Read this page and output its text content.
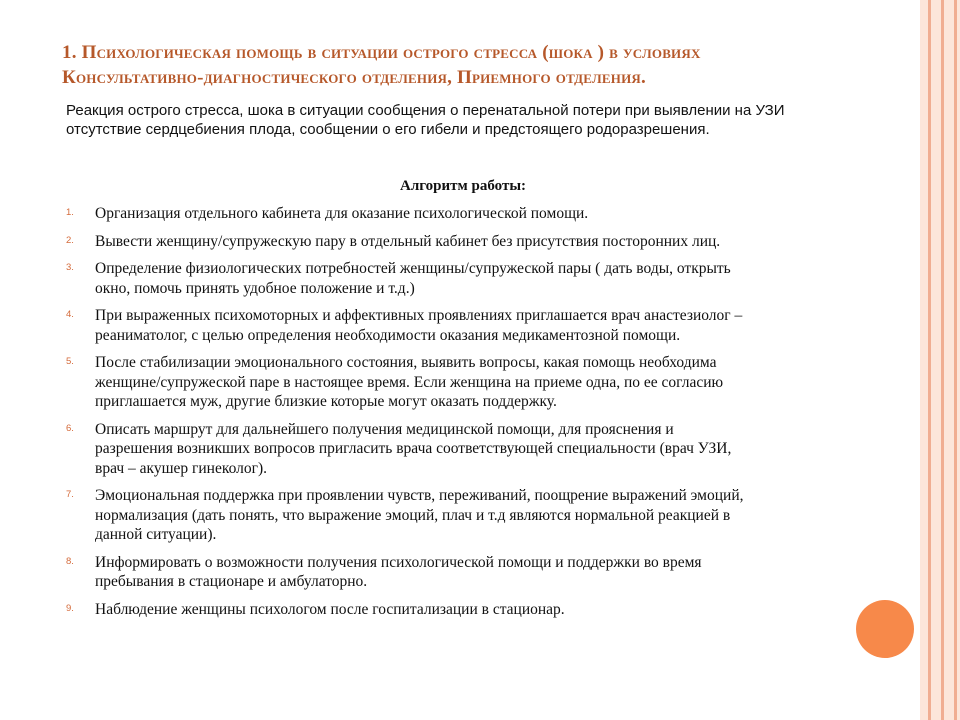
1. Психологическая помощь в ситуации острого стресса (шока ) в условиях
Консультативно-диагностического отделения, Приемного отделения.
Реакция острого стресса, шока в ситуации сообщения о перенатальной потери при выявлении на УЗИ
отсутствие сердцебиения плода, сообщении о его гибели и предстоящего родоразрешения.
Алгоритм работы:
1. Организация отдельного кабинета для оказание психологической помощи.
2. Вывести женщину/супружескую пару в отдельный кабинет без присутствия посторонних лиц.
3. Определение физиологических потребностей женщины/супружеской пары ( дать воды, открыть
окно, помочь принять удобное положение и т.д.)
4. При выраженных психомоторных и аффективных проявлениях приглашается врач анастезиолог –
реаниматолог, с целью определения необходимости оказания медикаментозной помощи.
5. После стабилизации эмоционального состояния, выявить вопросы, какая помощь необходима
женщине/супружеской паре в настоящее время. Если женщина на приеме одна, по ее согласию
приглашается муж, другие близкие которые могут оказать поддержку.
6. Описать маршрут для дальнейшего получения медицинской помощи, для прояснения и
разрешения возникших вопросов пригласить врача соответствующей специальности (врач УЗИ,
врач – акушер гинеколог).
7. Эмоциональная поддержка при проявлении чувств, переживаний, поощрение выражений эмоций,
нормализация (дать понять, что выражение эмоций, плач и т.д являются нормальной реакцией в
данной ситуации).
8. Информировать о возможности получения психологической помощи и поддержки во время
пребывания в стационаре и амбулаторно.
9. Наблюдение женщины психологом после госпитализации в стационар.
